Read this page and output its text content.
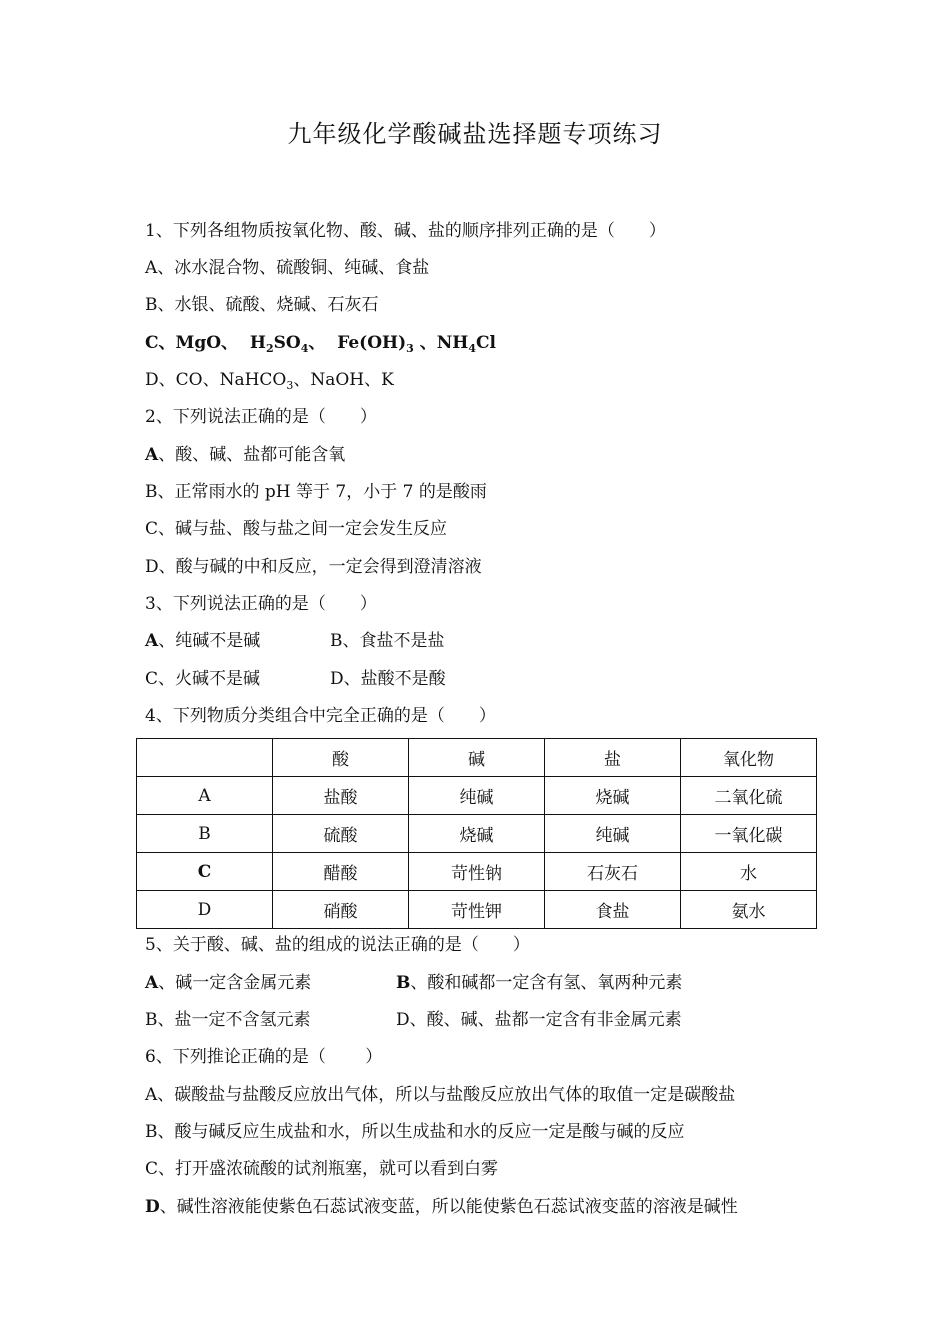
九年级化学酸碱盐选择题专项练习
1、下列各组物质按氧化物、酸、碱、盐的顺序排列正确的是（　　）
A、冰水混合物、硫酸铜、纯碱、食盐
B、水银、硫酸、烧碱、石灰石
C、MgO、 $H_2SO_4$、 $Fe(OH)_3$ 、$NH_4Cl$
D、CO、NaHCO$_3$、NaOH、K
2、下列说法正确的是（　　）
A、酸、碱、盐都可能含氧
B、正常雨水的 pH 等于 7，小于 7 的是酸雨
C、碱与盐、酸与盐之间一定会发生反应
D、酸与碱的中和反应，一定会得到澄清溶液
3、下列说法正确的是（　　）
A、纯碱不是碱	B、食盐不是盐
C、火碱不是碱	D、盐酸不是酸
4、下列物质分类组合中完全正确的是（　　）
	酸	碱	盐	氧化物
A	盐酸	纯碱	烧碱	二氧化硫
B	硫酸	烧碱	纯碱	一氧化碳
C	醋酸	苛性钠	石灰石	水
D	硝酸	苛性钾	食盐	氨水
5、关于酸、碱、盐的组成的说法正确的是（　　）
A、碱一定含金属元素	B、酸和碱都一定含有氢、氧两种元素
B、盐一定不含氢元素	D、酸、碱、盐都一定含有非金属元素
6、下列推论正确的是（　　 ）
A、碳酸盐与盐酸反应放出气体，所以与盐酸反应放出气体的取值一定是碳酸盐
B、酸与碱反应生成盐和水，所以生成盐和水的反应一定是酸与碱的反应
C、打开盛浓硫酸的试剂瓶塞，就可以看到白雾
D、碱性溶液能使紫色石蕊试液变蓝，所以能使紫色石蕊试液变蓝的溶液是碱性
